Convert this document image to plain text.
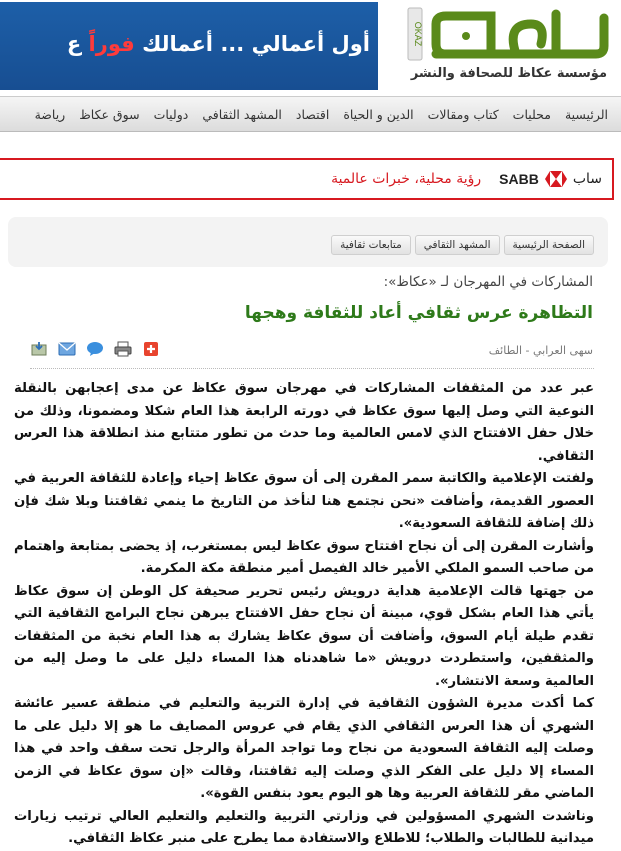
أول أعمالي ... أعمالك فوراً ع	OKAZ
مؤسسة عكاظ للصحافة والنشر
الرئيسية
محليات
كتاب ومقالات
الدين و الحياة
اقتصاد
المشهد الثقافي
دوليات
سوق عكاظ
رياضة
ساب
SABB
رؤية محلية، خبرات عالمية
الصفحة الرئيسية
المشهد الثقافي
متابعات ثقافية
المشاركات في المهرجان لـ «عكاظ»:
التظاهرة عرس ثقافي أعاد للثقافة وهجها
سهى العرابي - الطائف

عبر عدد من المثقفات المشاركات في مهرجان سوق عكاظ عن مدى إعجابهن بالنقلة النوعية التي وصل إليها سوق عكاظ في دورته الرابعة هذا العام شكلا ومضمونا، وذلك من خلال حفل الافتتاح الذي لامس العالمية وما حدث من تطور متتابع منذ انطلاقة هذا العرس الثقافي.

ولفتت الإعلامية والكاتبة سمر المقرن إلى أن سوق عكاظ إحياء وإعادة للثقافة العربية في العصور القديمة، وأضافت «نحن نجتمع هنا لنأخذ من التاريخ ما ينمي ثقافتنا وبلا شك فإن ذلك إضافة للثقافة السعودية».

وأشارت المقرن إلى أن نجاح افتتاح سوق عكاظ ليس بمستغرب، إذ يحضى بمتابعة واهتمام من صاحب السمو الملكي الأمير خالد الفيصل أمير منطقة مكة المكرمة.

من جهتها قالت الإعلامية هداية درويش رئيس تحرير صحيفة كل الوطن إن سوق عكاظ يأتي هذا العام بشكل قوي، مبينة أن نجاح حفل الافتتاح يبرهن نجاح البرامج الثقافية التي تقدم طيلة أيام السوق، وأضافت أن سوق عكاظ يشارك به هذا العام نخبة من المثقفات والمثقفين، واستطردت درويش «ما شاهدناه هذا المساء دليل على ما وصل إليه من العالمية وسعة الانتشار».

كما أكدت مديرة الشؤون الثقافية في إدارة التربية والتعليم في منطقة عسير عائشة الشهري أن هذا العرس الثقافي الذي يقام في عروس المصايف ما هو إلا دليل على ما وصلت إليه الثقافة السعودية من نجاح وما تواجد المرأة والرجل تحت سقف واحد في هذا المساء إلا دليل على الفكر الذي وصلت إليه ثقافتنا، وقالت «إن سوق عكاظ في الزمن الماضي مقر للثقافة العربية وها هو اليوم يعود بنفس القوة».

وناشدت الشهري المسؤولين في وزارتي التربية والتعليم والتعليم العالي ترتيب زيارات ميدانية للطالبات والطلاب؛ للاطلاع والاستفادة مما يطرح على منبر عكاظ الثقافي.
